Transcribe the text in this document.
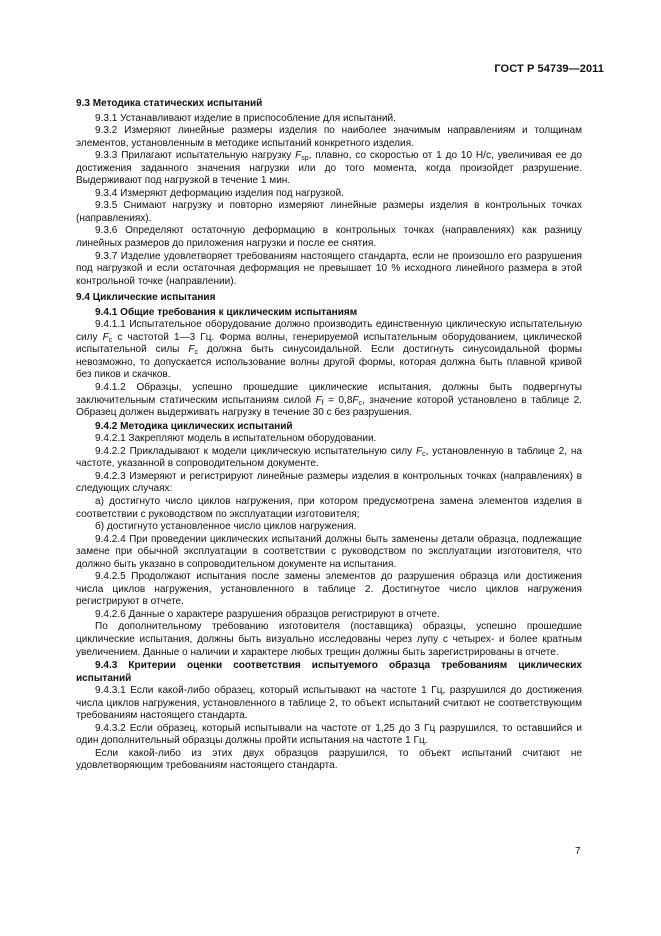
ГОСТ Р 54739—2011

9.3 Методика статических испытаний

9.3.1 Устанавливают изделие в приспособление для испытаний.

9.3.2 Измеряют линейные размеры изделия по наиболее значимым направлениям и толщинам элементов, установленным в методике испытаний конкретного изделия.

9.3.3 Прилагают испытательную нагрузку $F_{sp}$, плавно, со скоростью от 1 до 10 Н/с, увеличивая ее до достижения заданного значения нагрузки или до того момента, когда произойдет разрушение. Выдерживают под нагрузкой в течение 1 мин.

9.3.4 Измеряют деформацию изделия под нагрузкой.

9.3.5 Снимают нагрузку и повторно измеряют линейные размеры изделия в контрольных точках (направлениях).

9.3.6 Определяют остаточную деформацию в контрольных точках (направлениях) как разницу линейных размеров до приложения нагрузки и после ее снятия.

9.3.7 Изделие удовлетворяет требованиям настоящего стандарта, если не произошло его разрушения под нагрузкой и если остаточная деформация не превышает 10 % исходного линейного размера в этой контрольной точке (направлении).

9.4 Циклические испытания

9.4.1 Общие требования к циклическим испытаниям

9.4.1.1 Испытательное оборудование должно производить единственную циклическую испытательную силу $F_c$ с частотой 1—3 Гц. Форма волны, генерируемой испытательным оборудованием, циклической испытательной силы $F_c$ должна быть синусоидальной. Если достигнуть синусоидальной формы невозможно, то допускается использование волны другой формы, которая должна быть плавной кривой без пиков и скачков.

9.4.1.2 Образцы, успешно прошедшие циклические испытания, должны быть подвергнуты заключительным статическим испытаниям силой $F_f = 0,8F_c$, значение которой установлено в таблице 2. Образец должен выдерживать нагрузку в течение 30 с без разрушения.

9.4.2 Методика циклических испытаний

9.4.2.1 Закрепляют модель в испытательном оборудовании.

9.4.2.2 Прикладывают к модели циклическую испытательную силу $F_c$, установленную в таблице 2, на частоте, указанной в сопроводительном документе.

9.4.2.3 Измеряют и регистрируют линейные размеры изделия в контрольных точках (направлениях) в следующих случаях:

а) достигнуто число циклов нагружения, при котором предусмотрена замена элементов изделия в соответствии с руководством по эксплуатации изготовителя;

б) достигнуто установленное число циклов нагружения.

9.4.2.4 При проведении циклических испытаний должны быть заменены детали образца, подлежащие замене при обычной эксплуатации в соответствии с руководством по эксплуатации изготовителя, что должно быть указано в сопроводительном документе на испытания.

9.4.2.5 Продолжают испытания после замены элементов до разрушения образца или достижения числа циклов нагружения, установленного в таблице 2. Достигнутое число циклов нагружения регистрируют в отчете.

9.4.2.6 Данные о характере разрушения образцов регистрируют в отчете.

По дополнительному требованию изготовителя (поставщика) образцы, успешно прошедшие циклические испытания, должны быть визуально исследованы через лупу с четырех- и более кратным увеличением. Данные о наличии и характере любых трещин должны быть зарегистрированы в отчете.

9.4.3 Критерии оценки соответствия испытуемого образца требованиям циклических испытаний

9.4.3.1 Если какой-либо образец, который испытывают на частоте 1 Гц, разрушился до достижения числа циклов нагружения, установленного в таблице 2, то объект испытаний считают не соответствующим требованиям настоящего стандарта.

9.4.3.2 Если образец, который испытывали на частоте от 1,25 до 3 Гц разрушился, то оставшийся и один дополнительный образцы должны пройти испытания на частоте 1 Гц.

Если какой-либо из этих двух образцов разрушился, то объект испытаний считают не удовлетворяющим требованиям настоящего стандарта.

7
